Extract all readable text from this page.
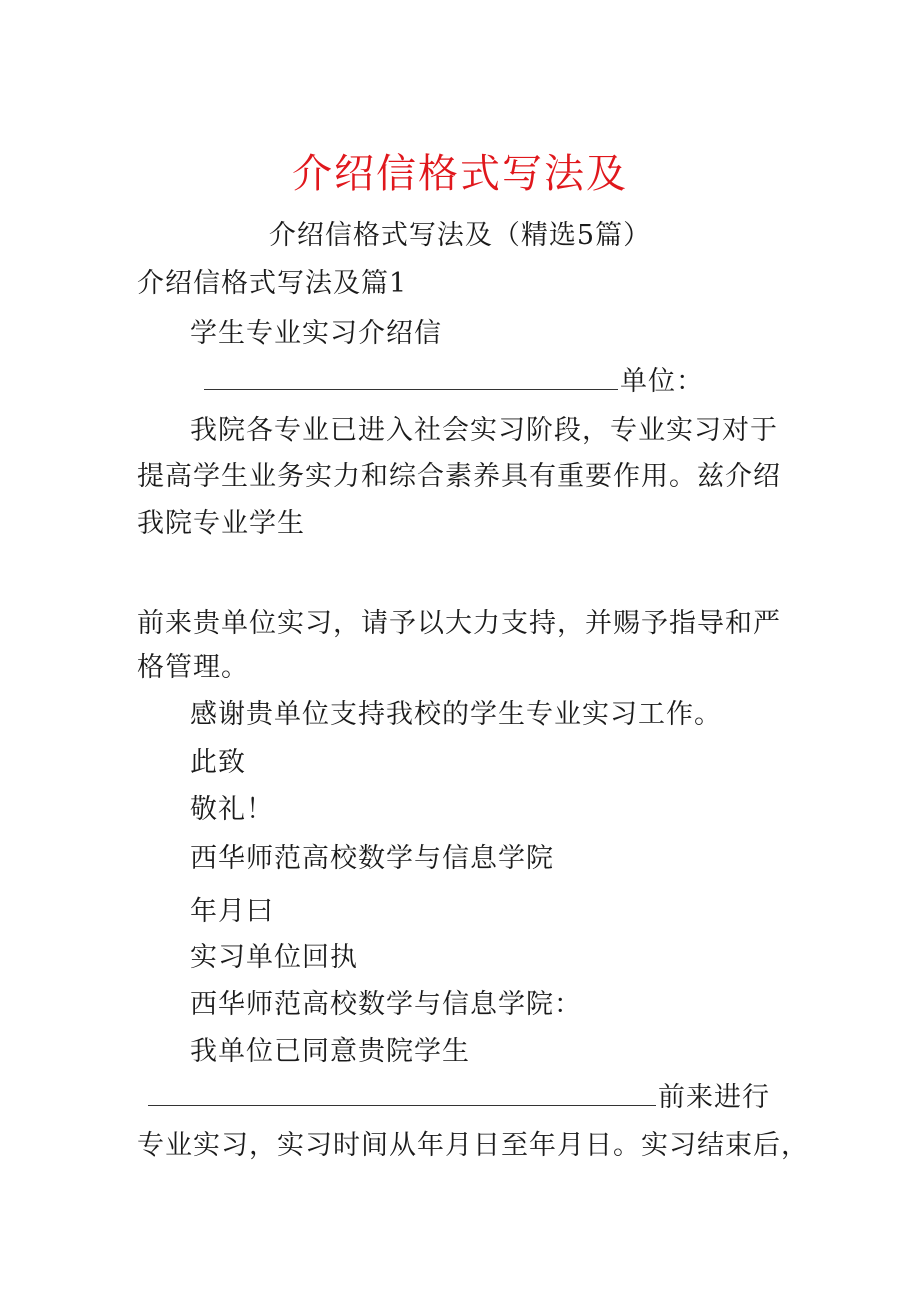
介绍信格式写法及
介绍信格式写法及（精选5篇）
介绍信格式写法及篇1
学生专业实习介绍信
单位：
我院各专业已进入社会实习阶段，专业实习对于
提高学生业务实力和综合素养具有重要作用。兹介绍
我院专业学生
前来贵单位实习，请予以大力支持，并赐予指导和严
格管理。
感谢贵单位支持我校的学生专业实习工作。
此致
敬礼！
西华师范高校数学与信息学院
年月曰
实习单位回执
西华师范高校数学与信息学院：
我单位已同意贵院学生
前来进行
专业实习，实习时间从年月日至年月日。实习结束后，
